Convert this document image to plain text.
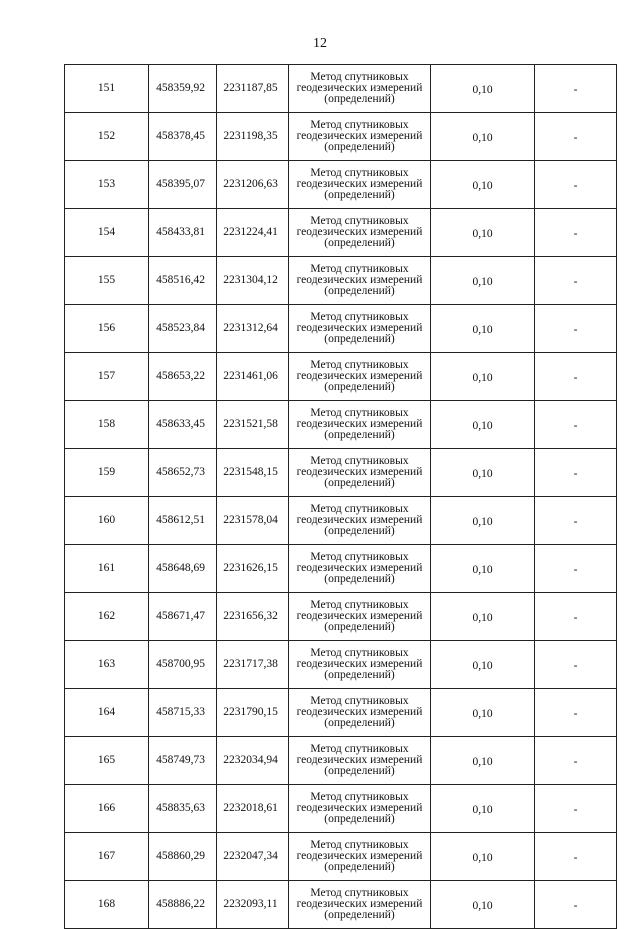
12
151	458359,92	2231187,85	Метод спутниковых
геодезических измерений
(определений)	0,10	-
152	458378,45	2231198,35	Метод спутниковых
геодезических измерений
(определений)	0,10	-
153	458395,07	2231206,63	Метод спутниковых
геодезических измерений
(определений)	0,10	-
154	458433,81	2231224,41	Метод спутниковых
геодезических измерений
(определений)	0,10	-
155	458516,42	2231304,12	Метод спутниковых
геодезических измерений
(определений)	0,10	-
156	458523,84	2231312,64	Метод спутниковых
геодезических измерений
(определений)	0,10	-
157	458653,22	2231461,06	Метод спутниковых
геодезических измерений
(определений)	0,10	-
158	458633,45	2231521,58	Метод спутниковых
геодезических измерений
(определений)	0,10	-
159	458652,73	2231548,15	Метод спутниковых
геодезических измерений
(определений)	0,10	-
160	458612,51	2231578,04	Метод спутниковых
геодезических измерений
(определений)	0,10	-
161	458648,69	2231626,15	Метод спутниковых
геодезических измерений
(определений)	0,10	-
162	458671,47	2231656,32	Метод спутниковых
геодезических измерений
(определений)	0,10	-
163	458700,95	2231717,38	Метод спутниковых
геодезических измерений
(определений)	0,10	-
164	458715,33	2231790,15	Метод спутниковых
геодезических измерений
(определений)	0,10	-
165	458749,73	2232034,94	Метод спутниковых
геодезических измерений
(определений)	0,10	-
166	458835,63	2232018,61	Метод спутниковых
геодезических измерений
(определений)	0,10	-
167	458860,29	2232047,34	Метод спутниковых
геодезических измерений
(определений)	0,10	-
168	458886,22	2232093,11	Метод спутниковых
геодезических измерений
(определений)	0,10	-
